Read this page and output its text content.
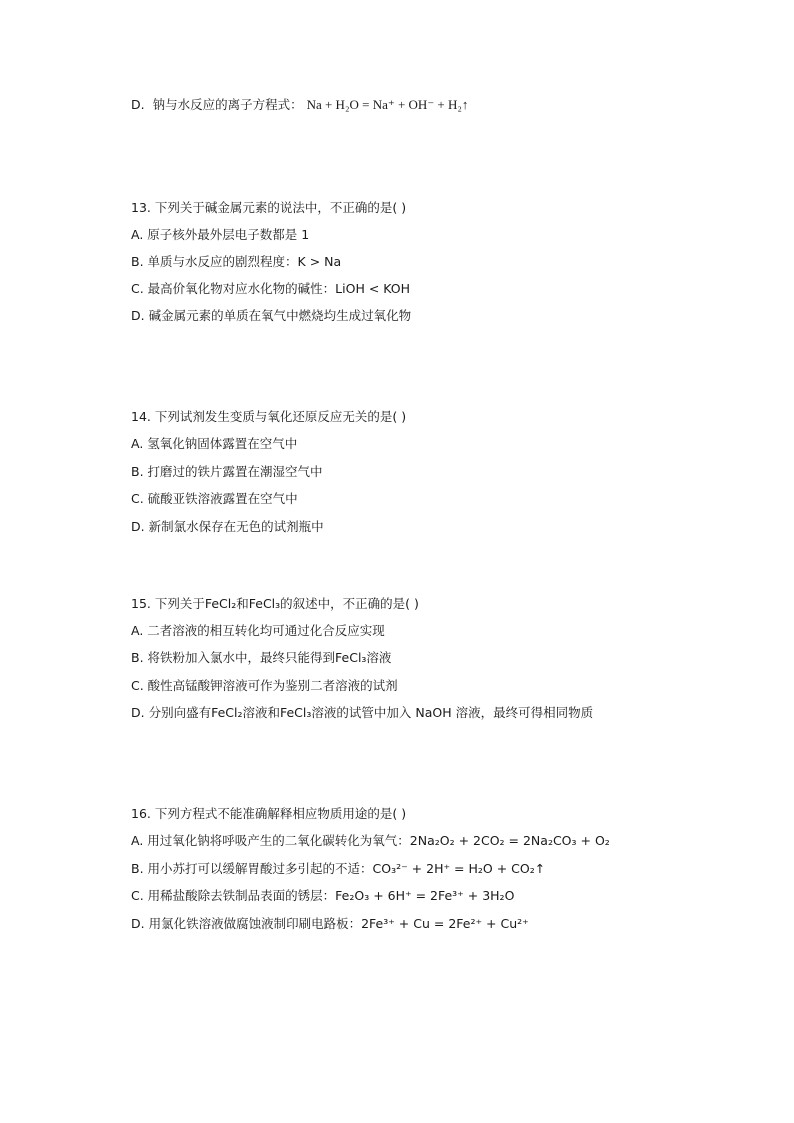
D. 钠与水反应的离子方程式： Na + H₂O = Na⁺ + OH⁻ + H₂↑
13. 下列关于碱金属元素的说法中，不正确的是( )
A. 原子核外最外层电子数都是 1
B. 单质与水反应的剧烈程度：K > Na
C. 最高价氧化物对应水化物的碱性：LiOH < KOH
D. 碱金属元素的单质在氧气中燃烧均生成过氧化物
14. 下列试剂发生变质与氧化还原反应无关的是( )
A. 氢氧化钠固体露置在空气中
B. 打磨过的铁片露置在潮湿空气中
C. 硫酸亚铁溶液露置在空气中
D. 新制氯水保存在无色的试剂瓶中
15. 下列关于FeCl₂和FeCl₃的叙述中，不正确的是( )
A. 二者溶液的相互转化均可通过化合反应实现
B. 将铁粉加入氯水中，最终只能得到FeCl₃溶液
C. 酸性高锰酸钾溶液可作为鉴别二者溶液的试剂
D. 分别向盛有FeCl₂溶液和FeCl₃溶液的试管中加入 NaOH 溶液，最终可得相同物质
16. 下列方程式不能准确解释相应物质用途的是( )
A. 用过氧化钠将呼吸产生的二氧化碳转化为氧气：2Na₂O₂ + 2CO₂ = 2Na₂CO₃ + O₂
B. 用小苏打可以缓解胃酸过多引起的不适：CO₃²⁻ + 2H⁺ = H₂O + CO₂↑
C. 用稀盐酸除去铁制品表面的锈层：Fe₂O₃ + 6H⁺ = 2Fe³⁺ + 3H₂O
D. 用氯化铁溶液做腐蚀液制印刷电路板：2Fe³⁺ + Cu = 2Fe²⁺ + Cu²⁺
